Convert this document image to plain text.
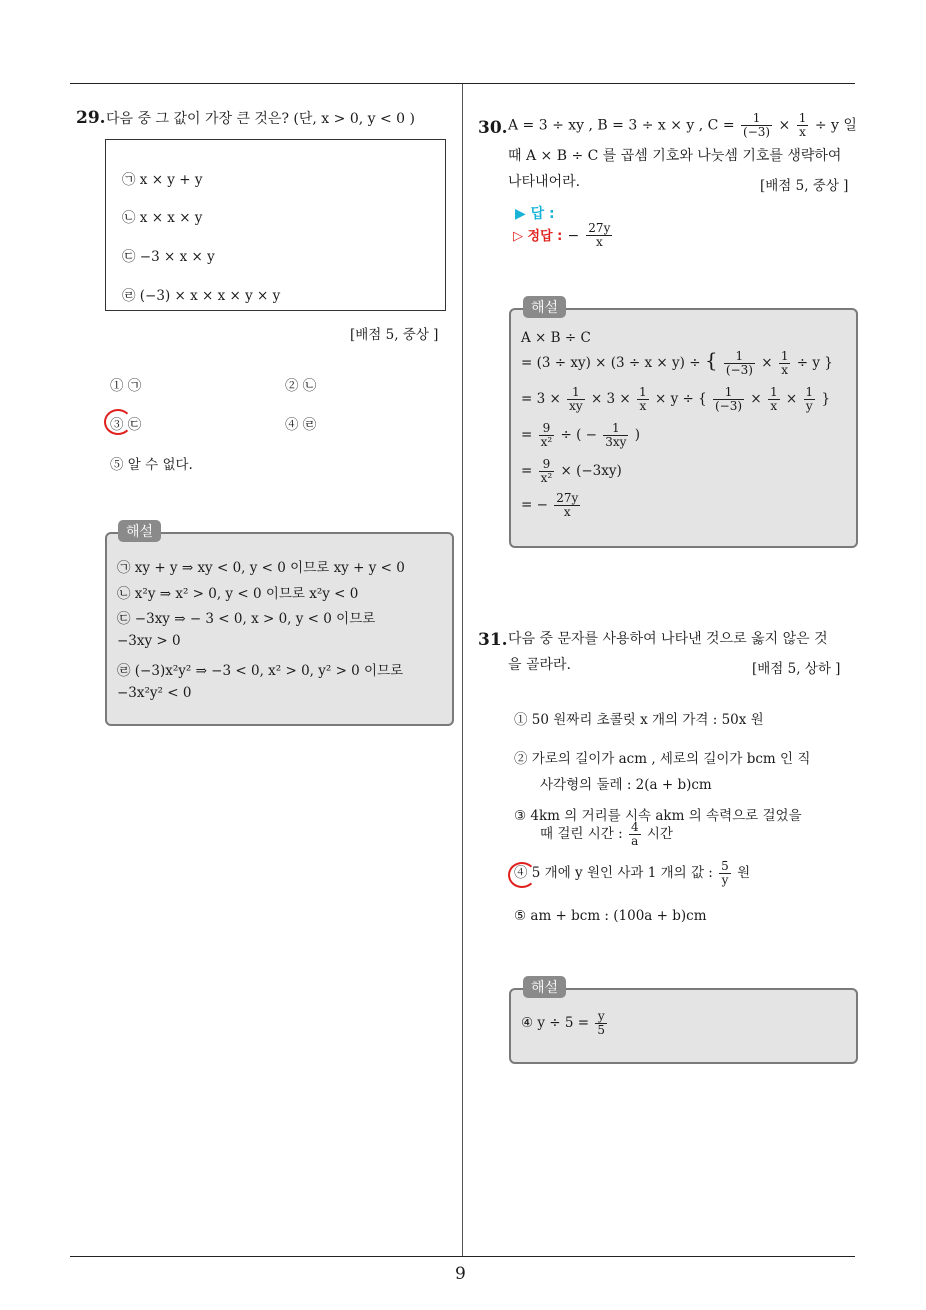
9
29. 다음 중 그 값이 가장 큰 것은? (단, x > 0, y < 0 )
㉠ x × y + y
㉡ x × x × y
㉢ −3 × x × y
㉣ (−3) × x × x × y × y
[배점 5, 중상 ]
① ㉠	② ㉡
③ ㉢	④ ㉣
⑤ 알 수 없다.
㉠ xy + y ⇒ xy < 0, y < 0 이므로 xy + y < 0
㉡ x²y ⇒ x² > 0, y < 0 이므로 x²y < 0
㉢ −3xy ⇒ − 3 < 0, x > 0, y < 0 이므로
−3xy > 0
㉣ (−3)x²y² ⇒ −3 < 0, x² > 0, y² > 0 이므로
−3x²y² < 0
해설
30. A = 3 ÷ xy , B = 3 ÷ x × y , $C = \frac{1}{(-3)} \times \frac{1}{x} \div y$ 일
때 A × B ÷ C 를 곱셈 기호와 나눗셈 기호를 생략하여
나타내어라.	[배점 5, 중상 ]
▶ 답 :
▷ 정답 : − $\frac{27y}{x}$
A × B ÷ C
= (3 ÷ xy) × (3 ÷ x × y) ÷ { $\frac{1}{(-3)} \times \frac{1}{x} \div y$ }
= $3 \times \frac{1}{xy} \times 3 \times \frac{1}{x} \times y$ ÷ { $\frac{1}{(-3)} \times \frac{1}{x} \times \frac{1}{y}$ }
= $\frac{9}{\text{x²}}$ ÷ ( − $\frac{1}{3xy}$ )
= $\frac{9}{\text{x²}} \times (-3xy)$
= − $\frac{27y}{x}$
해설
31. 다음 중 문자를 사용하여 나타낸 것으로 옳지 않은 것
을 골라라.	[배점 5, 상하 ]
① 50 원짜리 초콜릿 x 개의 가격 : 50x 원
② 가로의 길이가 acm , 세로의 길이가 bcm 인 직
사각형의 둘레 : 2(a + b)cm
③ 4km 의 거리를 시속 akm 의 속력으로 걸었을
때 걸린 시간 : $\frac{4}{a}$ 시간
④ 5 개에 y 원인 사과 1 개의 값 : $\frac{5}{y}$ 원
⑤ am + bcm : (100a + b)cm
④ $y \div 5 = \frac{y}{5}$
해설
